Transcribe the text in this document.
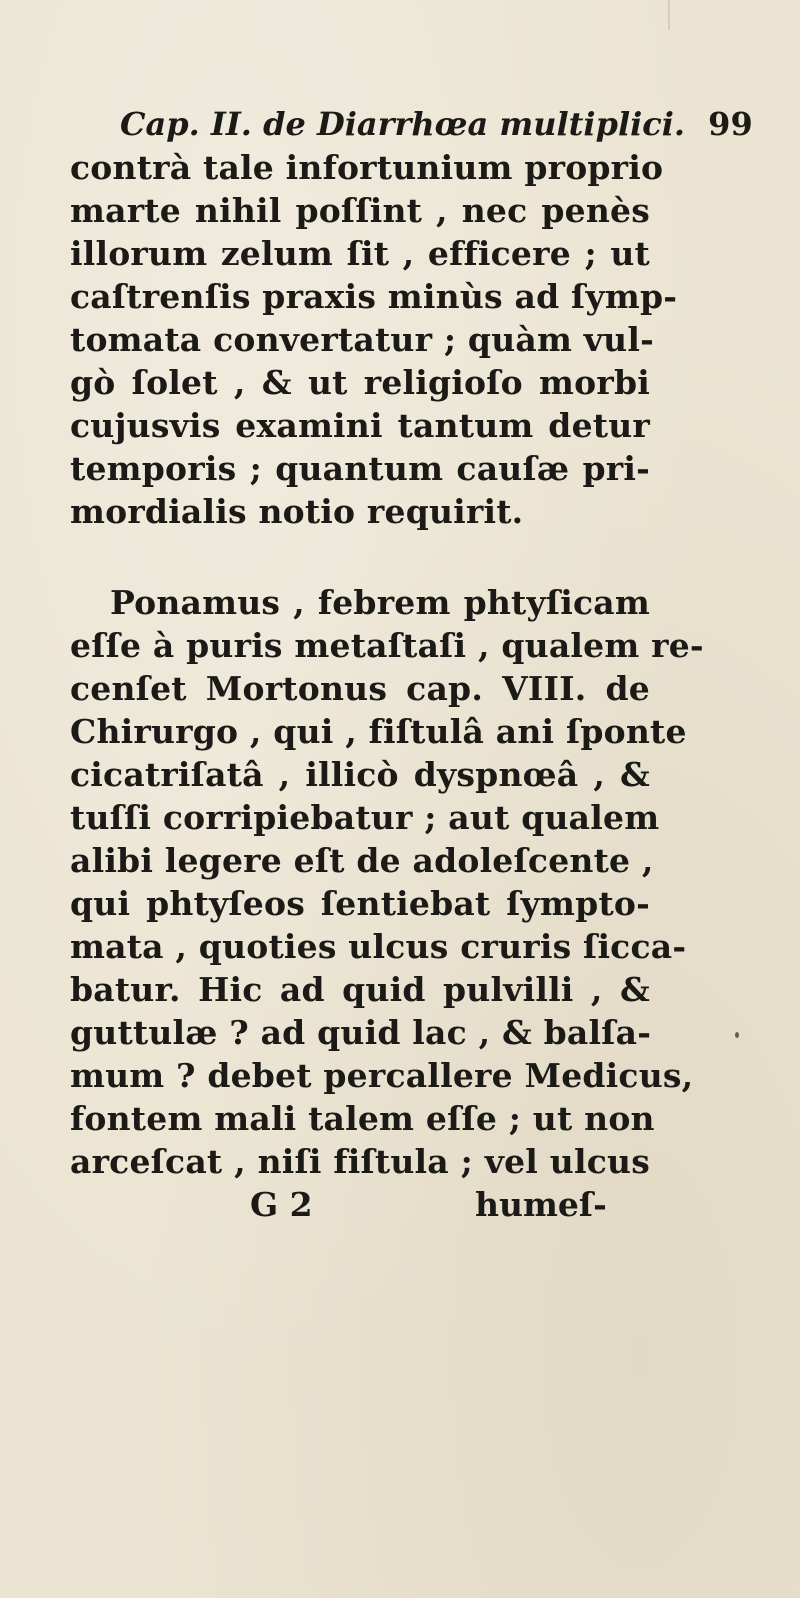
Cap. II. de Diarrhœa multiplici. 99
contrà tale infortunium proprio
marte nihil poſſint , nec penès
illorum zelum ſit , efficere ; ut
caſtrenſis praxis minùs ad ſymp-
tomata convertatur ; quàm vul-
gò ſolet , & ut religioſo morbi
cujusvis examini tantum detur
temporis ; quantum cauſæ pri-
mordialis notio requirit.
Ponamus , febrem phtyſicam
eſſe à puris metaſtaſi , qualem re-
cenſet Mortonus cap. VIII. de
Chirurgo , qui , fiſtulâ ani ſponte
cicatriſatâ , illicò dyspnœâ , &
tuſſi corripiebatur ; aut qualem
alibi legere eſt de adoleſcente ,
qui phtyſeos ſentiebat ſympto-
mata , quoties ulcus cruris ſicca-
batur. Hic ad quid pulvilli , &
guttulæ ? ad quid lac , & balſa-
mum ? debet percallere Medicus,
fontem mali talem eſſe ; ut non
arceſcat , niſi fiſtula ; vel ulcus
G 2	humeſ-
